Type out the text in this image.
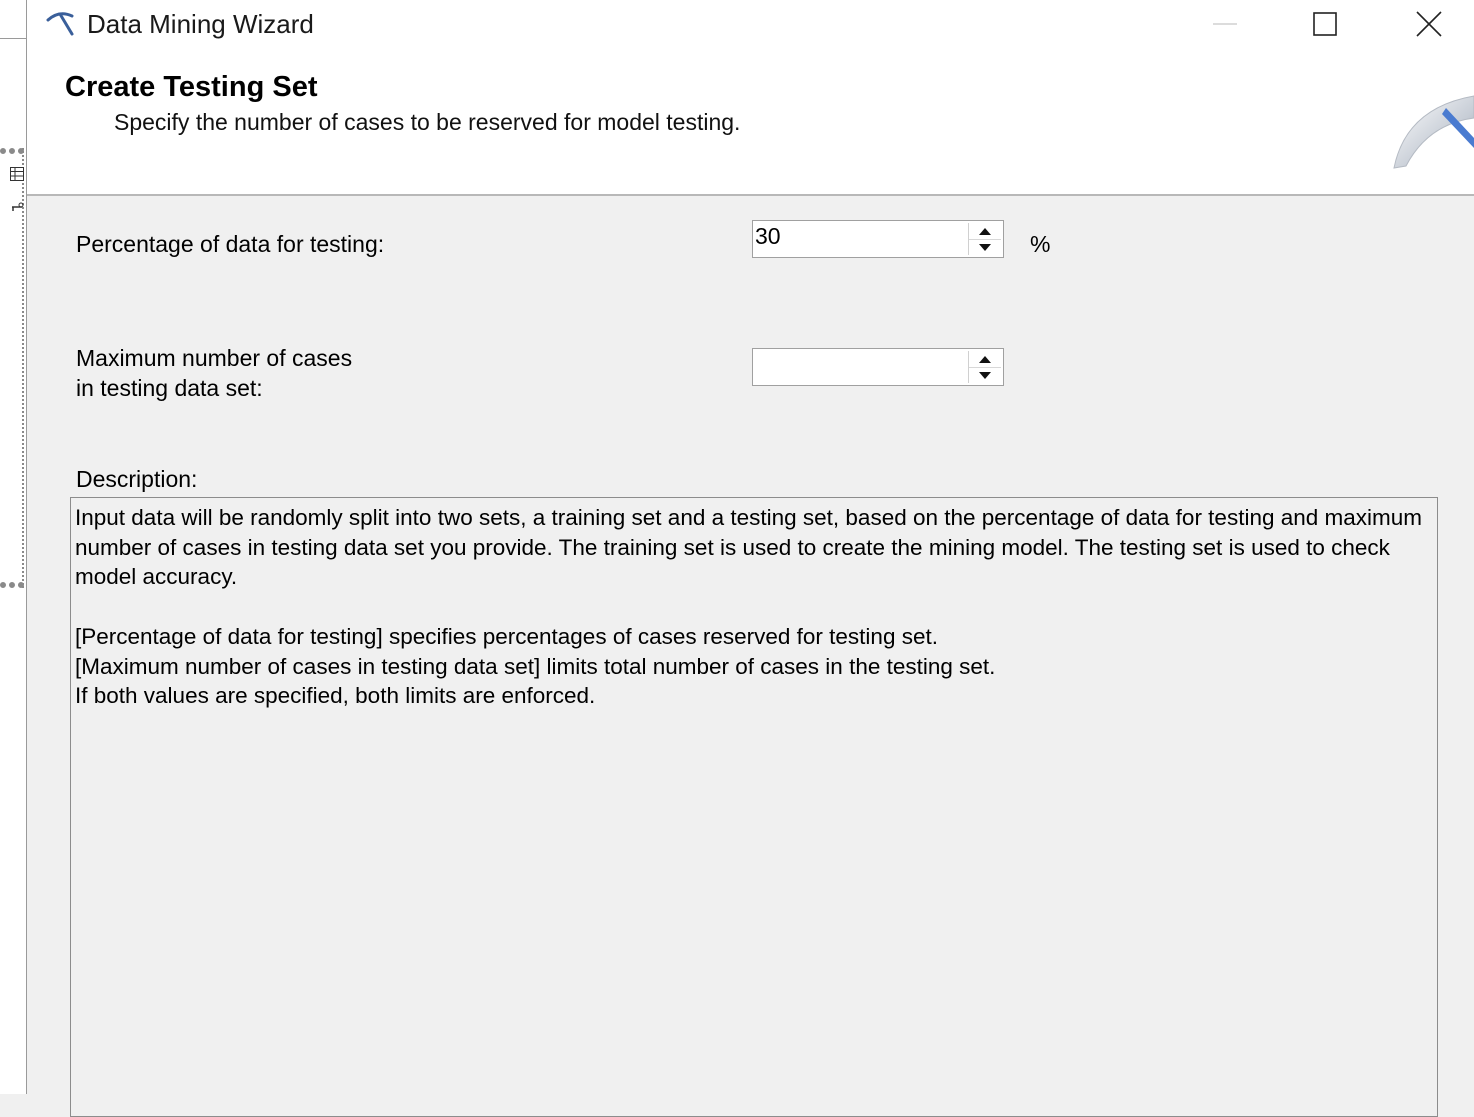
Data Mining Wizard
Create Testing Set
Specify the number of cases to be reserved for model testing.
Percentage of data for testing:
30	%
Maximum number of cases
in testing data set:
Description:

Input data will be randomly split into two sets, a training set and a testing set, based on the percentage of data for testing and maximum number of cases in testing data set you provide. The training set is used to create the mining model. The testing set is used to check model accuracy.

[Percentage of data for testing] specifies percentages of cases reserved for testing set.

[Maximum number of cases in testing data set] limits total number of cases in the testing set.

If both values are specified, both limits are enforced.
